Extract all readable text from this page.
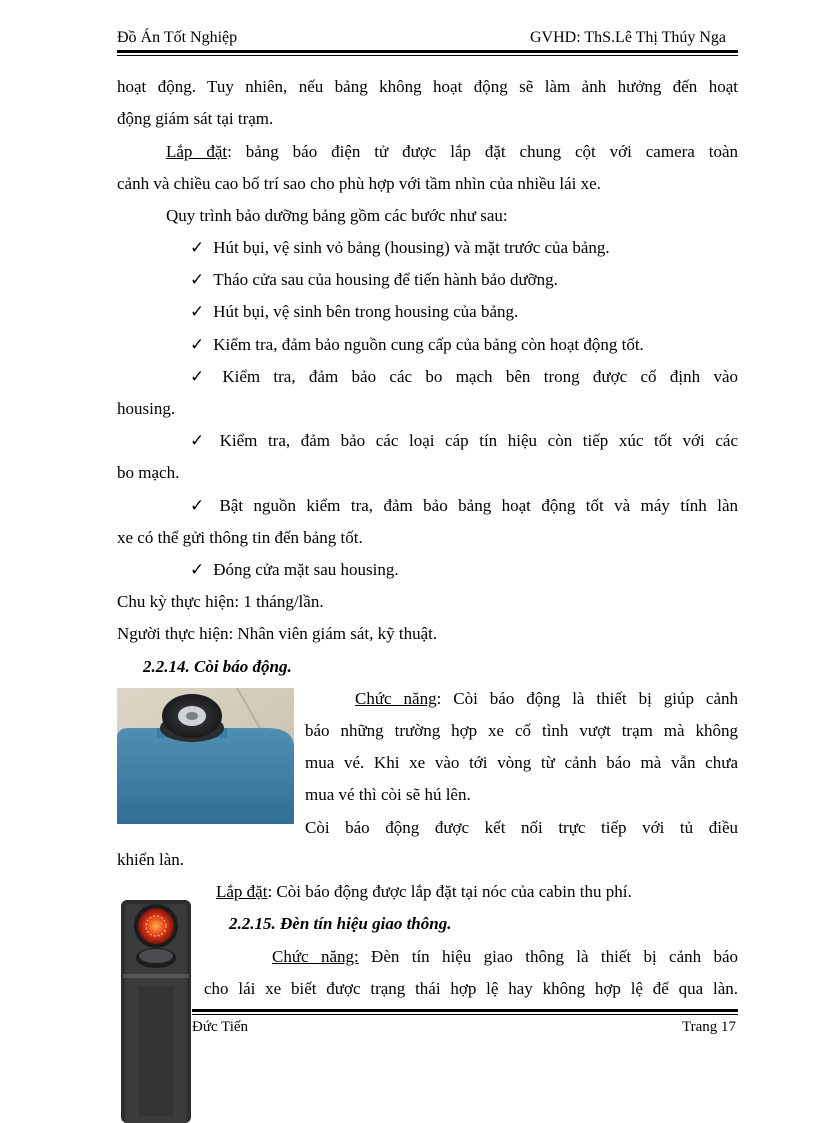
Đồ Án Tốt Nghiệp	GVHD: ThS.Lê Thị Thúy Nga
hoạt động. Tuy nhiên, nếu bảng không hoạt động sẽ làm ảnh hưởng đến hoạt
động giám sát tại trạm.
Lắp đặt: bảng báo điện tử được lắp đặt chung cột với camera toàn
cảnh và chiều cao bố trí sao cho phù hợp với tầm nhìn của nhiều lái xe.
Quy trình bảo dưỡng bảng gồm các bước như sau:
✓ Hút bụi, vệ sinh vỏ bảng (housing) và mặt trước của bảng.
✓ Tháo cửa sau của housing để tiến hành bảo dưỡng.
✓ Hút bụi, vệ sinh bên trong housing của bảng.
✓ Kiểm tra, đảm bảo nguồn cung cấp của bảng còn hoạt động tốt.
✓ Kiểm tra, đảm bảo các bo mạch bên trong được cố định vào
housing.
✓ Kiểm tra, đảm bảo các loại cáp tín hiệu còn tiếp xúc tốt với các
bo mạch.
✓ Bật nguồn kiểm tra, đảm bảo bảng hoạt động tốt và máy tính làn
xe có thể gửi thông tin đến bảng tốt.
✓ Đóng cửa mặt sau housing.
Chu kỳ thực hiện: 1 tháng/lần.
Người thực hiện: Nhân viên giám sát, kỹ thuật.
2.2.14. Còi báo động.
Chức năng: Còi báo động là thiết bị giúp cảnh
báo những trường hợp xe cố tình vượt trạm mà không
mua vé. Khi xe vào tới vòng từ cảnh báo mà vẫn chưa
mua vé thì còi sẽ hú lên.
Còi báo động được kết nối trực tiếp với tủ điều
khiển làn.
Lắp đặt: Còi báo động được lắp đặt tại nóc của cabin thu phí.
2.2.15. Đèn tín hiệu giao thông.
Chức năng: Đèn tín hiệu giao thông là thiết bị cảnh báo
cho lái xe biết được trạng thái hợp lệ hay không hợp lệ để qua làn.
Đức Tiến	Trang 17
